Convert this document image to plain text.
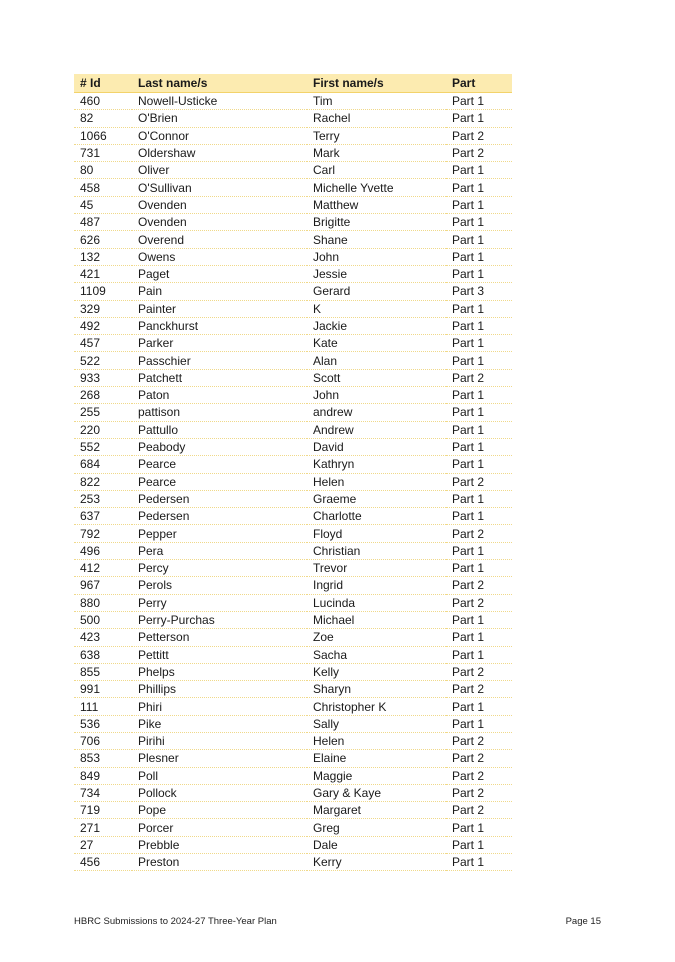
# Id	Last name/s	First name/s	Part
460	Nowell-Usticke	Tim	Part 1
82	O'Brien	Rachel	Part 1
1066	O'Connor	Terry	Part 2
731	Oldershaw	Mark	Part 2
80	Oliver	Carl	Part 1
458	O'Sullivan	Michelle Yvette	Part 1
45	Ovenden	Matthew	Part 1
487	Ovenden	Brigitte	Part 1
626	Overend	Shane	Part 1
132	Owens	John	Part 1
421	Paget	Jessie	Part 1
1109	Pain	Gerard	Part 3
329	Painter	K	Part 1
492	Panckhurst	Jackie	Part 1
457	Parker	Kate	Part 1
522	Passchier	Alan	Part 1
933	Patchett	Scott	Part 2
268	Paton	John	Part 1
255	pattison	andrew	Part 1
220	Pattullo	Andrew	Part 1
552	Peabody	David	Part 1
684	Pearce	Kathryn	Part 1
822	Pearce	Helen	Part 2
253	Pedersen	Graeme	Part 1
637	Pedersen	Charlotte	Part 1
792	Pepper	Floyd	Part 2
496	Pera	Christian	Part 1
412	Percy	Trevor	Part 1
967	Perols	Ingrid	Part 2
880	Perry	Lucinda	Part 2
500	Perry-Purchas	Michael	Part 1
423	Petterson	Zoe	Part 1
638	Pettitt	Sacha	Part 1
855	Phelps	Kelly	Part 2
991	Phillips	Sharyn	Part 2
111	Phiri	Christopher K	Part 1
536	Pike	Sally	Part 1
706	Pirihi	Helen	Part 2
853	Plesner	Elaine	Part 2
849	Poll	Maggie	Part 2
734	Pollock	Gary & Kaye	Part 2
719	Pope	Margaret	Part 2
271	Porcer	Greg	Part 1
27	Prebble	Dale	Part 1
456	Preston	Kerry	Part 1
HBRC Submissions to 2024-27 Three-Year Plan	Page 15
